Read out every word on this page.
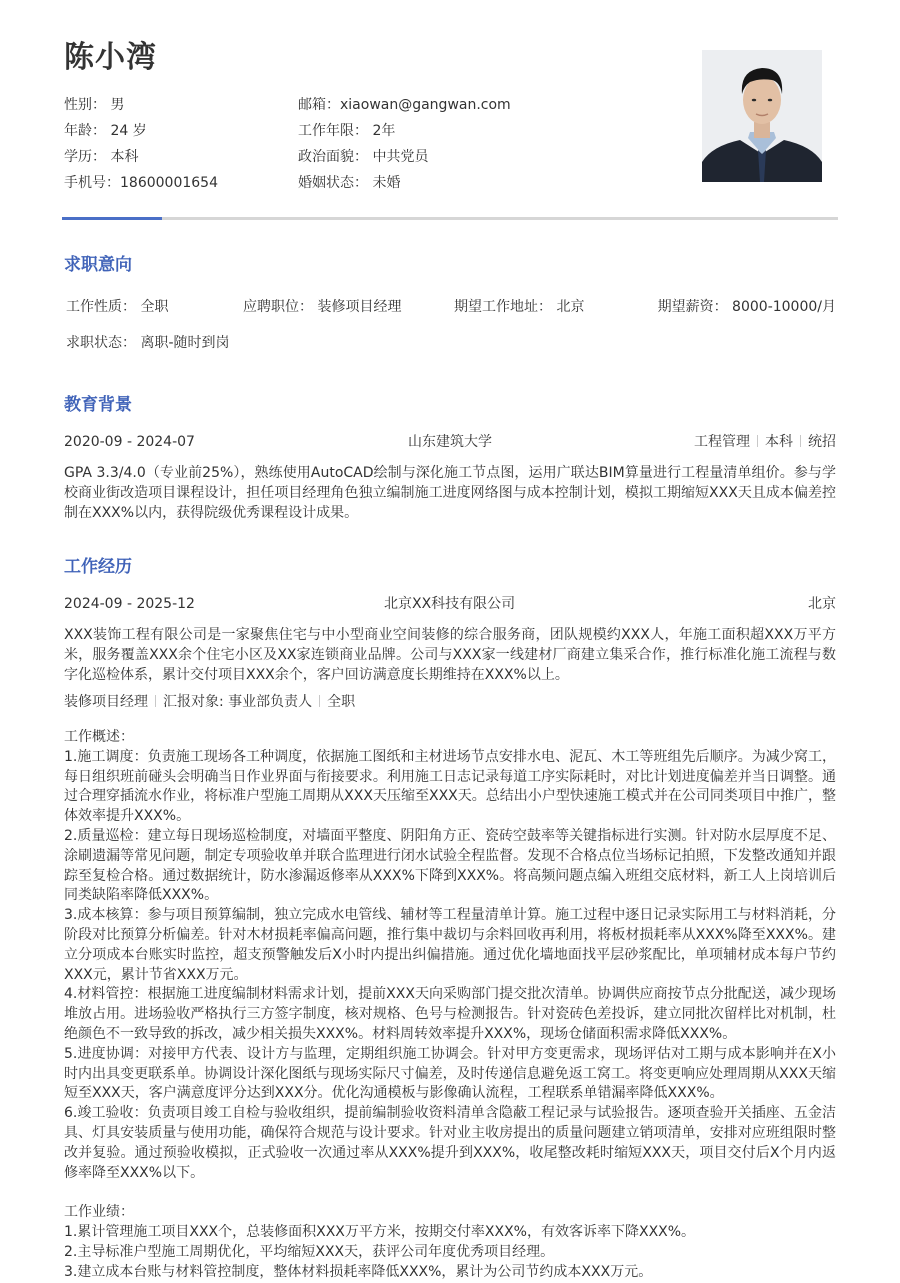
陈小湾
性别： 男	邮箱：xiaowan@gangwan.com
年龄： 24 岁	工作年限： 2年
学历： 本科	政治面貌： 中共党员
手机号：18600001654	婚姻状态： 未婚
求职意向
工作性质： 全职	应聘职位： 装修项目经理	期望工作地址： 北京	期望薪资： 8000-10000/月
求职状态： 离职-随时到岗
教育背景
2020-09 - 2024-07	山东建筑大学	工程管理 本科 统招

GPA 3.3/4.0（专业前25%），熟练使用AutoCAD绘制与深化施工节点图，运用广联达BIM算量进行工程量清单组价。参与学校商业街改造项目课程设计，担任项目经理角色独立编制施工进度网络图与成本控制计划，模拟工期缩短XXX天且成本偏差控制在XXX%以内，获得院级优秀课程设计成果。

工作经历
2024-09 - 2025-12	北京XX科技有限公司	北京

XXX装饰工程有限公司是一家聚焦住宅与中小型商业空间装修的综合服务商，团队规模约XXX人，年施工面积超XXX万平方米，服务覆盖XXX余个住宅小区及XX家连锁商业品牌。公司与XXX家一线建材厂商建立集采合作，推行标准化施工流程与数字化巡检体系，累计交付项目XXX余个，客户回访满意度长期维持在XXX%以上。

装修项目经理 汇报对象: 事业部负责人 全职

工作概述：

1.施工调度：负责施工现场各工种调度，依据施工图纸和主材进场节点安排水电、泥瓦、木工等班组先后顺序。为减少窝工，每日组织班前碰头会明确当日作业界面与衔接要求。利用施工日志记录每道工序实际耗时，对比计划进度偏差并当日调整。通过合理穿插流水作业，将标准户型施工周期从XXX天压缩至XXX天。总结出小户型快速施工模式并在公司同类项目中推广，整体效率提升XXX%。

2.质量巡检：建立每日现场巡检制度，对墙面平整度、阴阳角方正、瓷砖空鼓率等关键指标进行实测。针对防水层厚度不足、涂刷遗漏等常见问题，制定专项验收单并联合监理进行闭水试验全程监督。发现不合格点位当场标记拍照，下发整改通知并跟踪至复检合格。通过数据统计，防水渗漏返修率从XXX%下降到XXX%。将高频问题点编入班组交底材料，新工人上岗培训后同类缺陷率降低XXX%。

3.成本核算：参与项目预算编制，独立完成水电管线、辅材等工程量清单计算。施工过程中逐日记录实际用工与材料消耗，分阶段对比预算分析偏差。针对木材损耗率偏高问题，推行集中裁切与余料回收再利用，将板材损耗率从XXX%降至XXX%。建立分项成本台账实时监控，超支预警触发后X小时内提出纠偏措施。通过优化墙地面找平层砂浆配比，单项辅材成本每户节约XXX元，累计节省XXX万元。

4.材料管控：根据施工进度编制材料需求计划，提前XXX天向采购部门提交批次清单。协调供应商按节点分批配送，减少现场堆放占用。进场验收严格执行三方签字制度，核对规格、色号与检测报告。针对瓷砖色差投诉，建立同批次留样比对机制，杜绝颜色不一致导致的拆改，减少相关损失XXX%。材料周转效率提升XXX%，现场仓储面积需求降低XXX%。

5.进度协调：对接甲方代表、设计方与监理，定期组织施工协调会。针对甲方变更需求，现场评估对工期与成本影响并在X小时内出具变更联系单。协调设计深化图纸与现场实际尺寸偏差，及时传递信息避免返工窝工。将变更响应处理周期从XXX天缩短至XXX天，客户满意度评分达到XXX分。优化沟通模板与影像确认流程，工程联系单错漏率降低XXX%。

6.竣工验收：负责项目竣工自检与验收组织，提前编制验收资料清单含隐蔽工程记录与试验报告。逐项查验开关插座、五金洁具、灯具安装质量与使用功能，确保符合规范与设计要求。针对业主收房提出的质量问题建立销项清单，安排对应班组限时整改并复验。通过预验收模拟，正式验收一次通过率从XXX%提升到XXX%，收尾整改耗时缩短XXX天，项目交付后X个月内返修率降至XXX%以下。

工作业绩：

1.累计管理施工项目XXX个，总装修面积XXX万平方米，按期交付率XXX%，有效客诉率下降XXX%。

2.主导标准户型施工周期优化，平均缩短XXX天，获评公司年度优秀项目经理。

3.建立成本台账与材料管控制度，整体材料损耗率降低XXX%，累计为公司节约成本XXX万元。
